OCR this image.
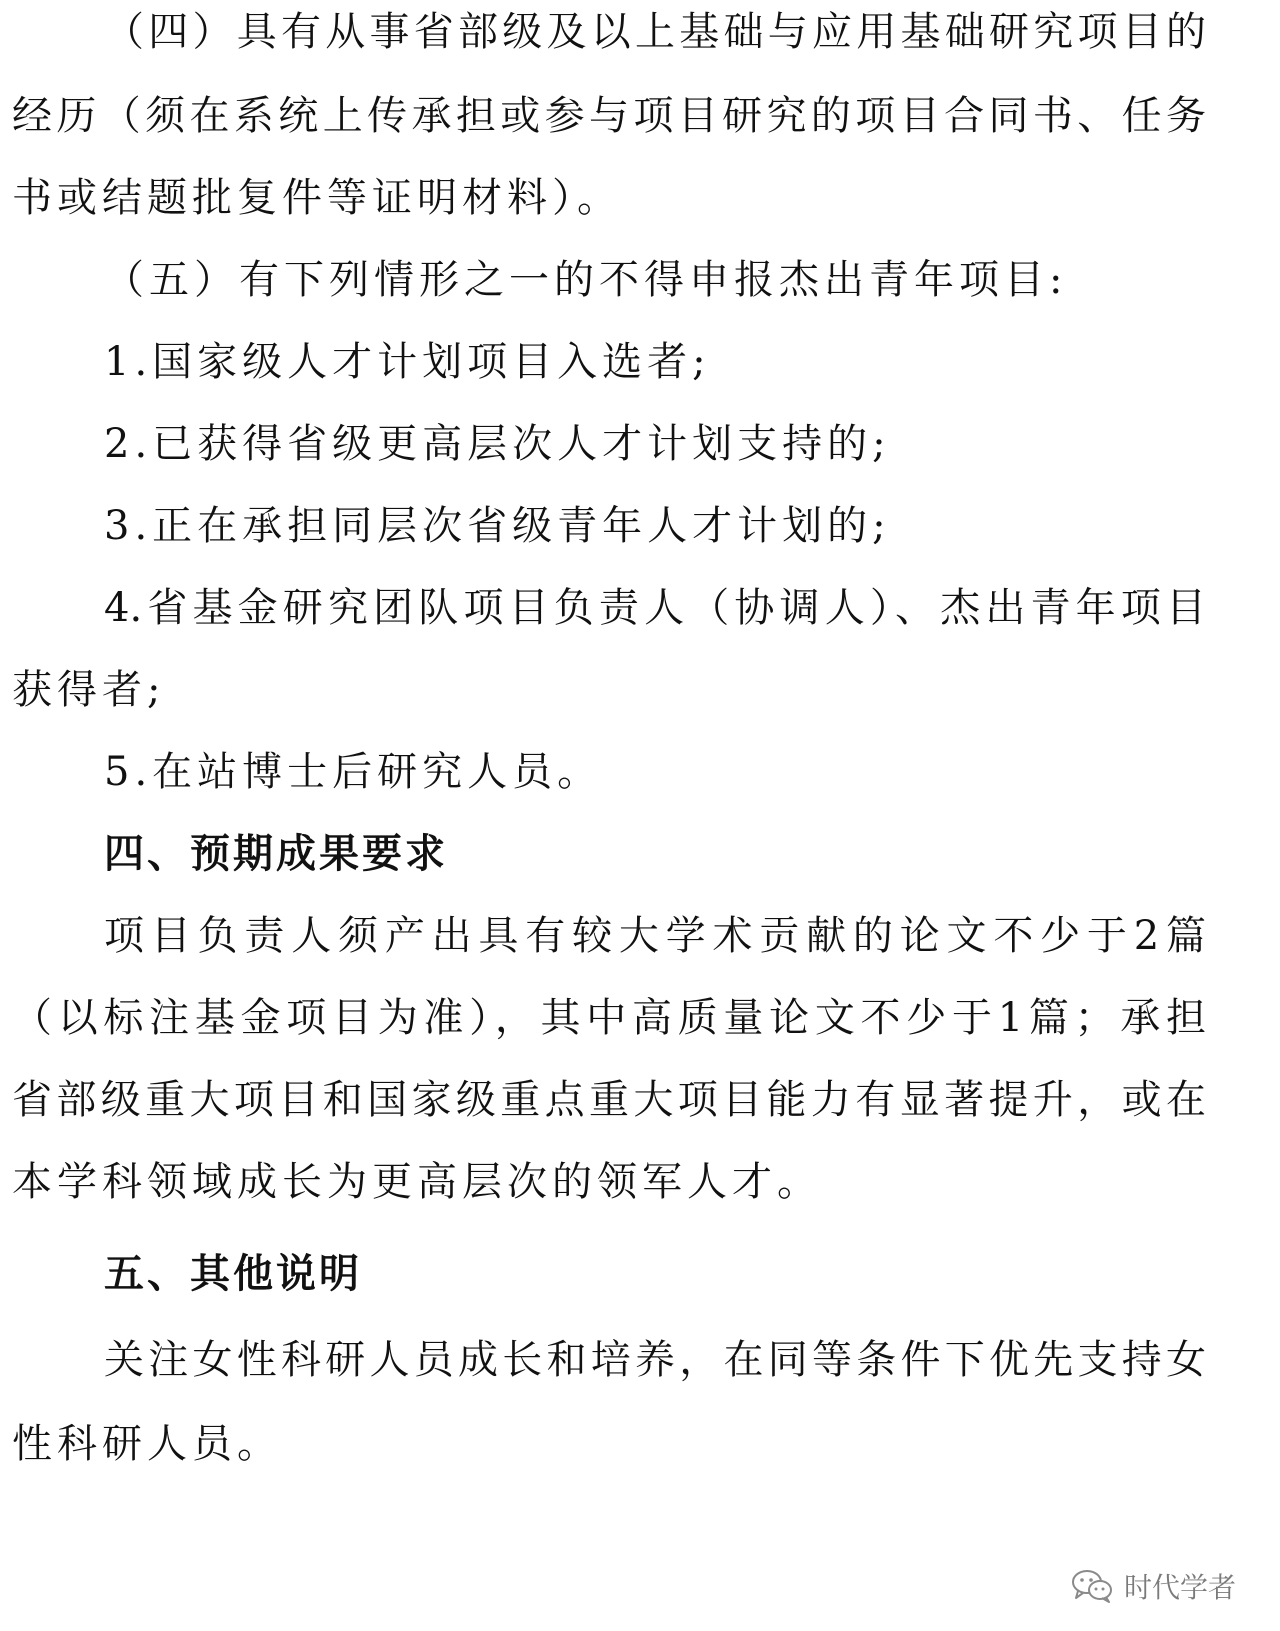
（四）具有从事省部级及以上基础与应用基础研究项目的
经历（须在系统上传承担或参与项目研究的项目合同书、任务
书或结题批复件等证明材料）。
（五）有下列情形之一的不得申报杰出青年项目:
1.国家级人才计划项目入选者;
2.已获得省级更高层次人才计划支持的;
3.正在承担同层次省级青年人才计划的;
4.省基金研究团队项目负责人（协调人）、杰出青年项目
获得者;
5.在站博士后研究人员。
四、预期成果要求
项目负责人须产出具有较大学术贡献的论文不少于2篇
（以标注基金项目为准），其中高质量论文不少于1篇；承担
省部级重大项目和国家级重点重大项目能力有显著提升，或在
本学科领域成长为更高层次的领军人才。
五、其他说明
关注女性科研人员成长和培养，在同等条件下优先支持女
性科研人员。
时代学者
